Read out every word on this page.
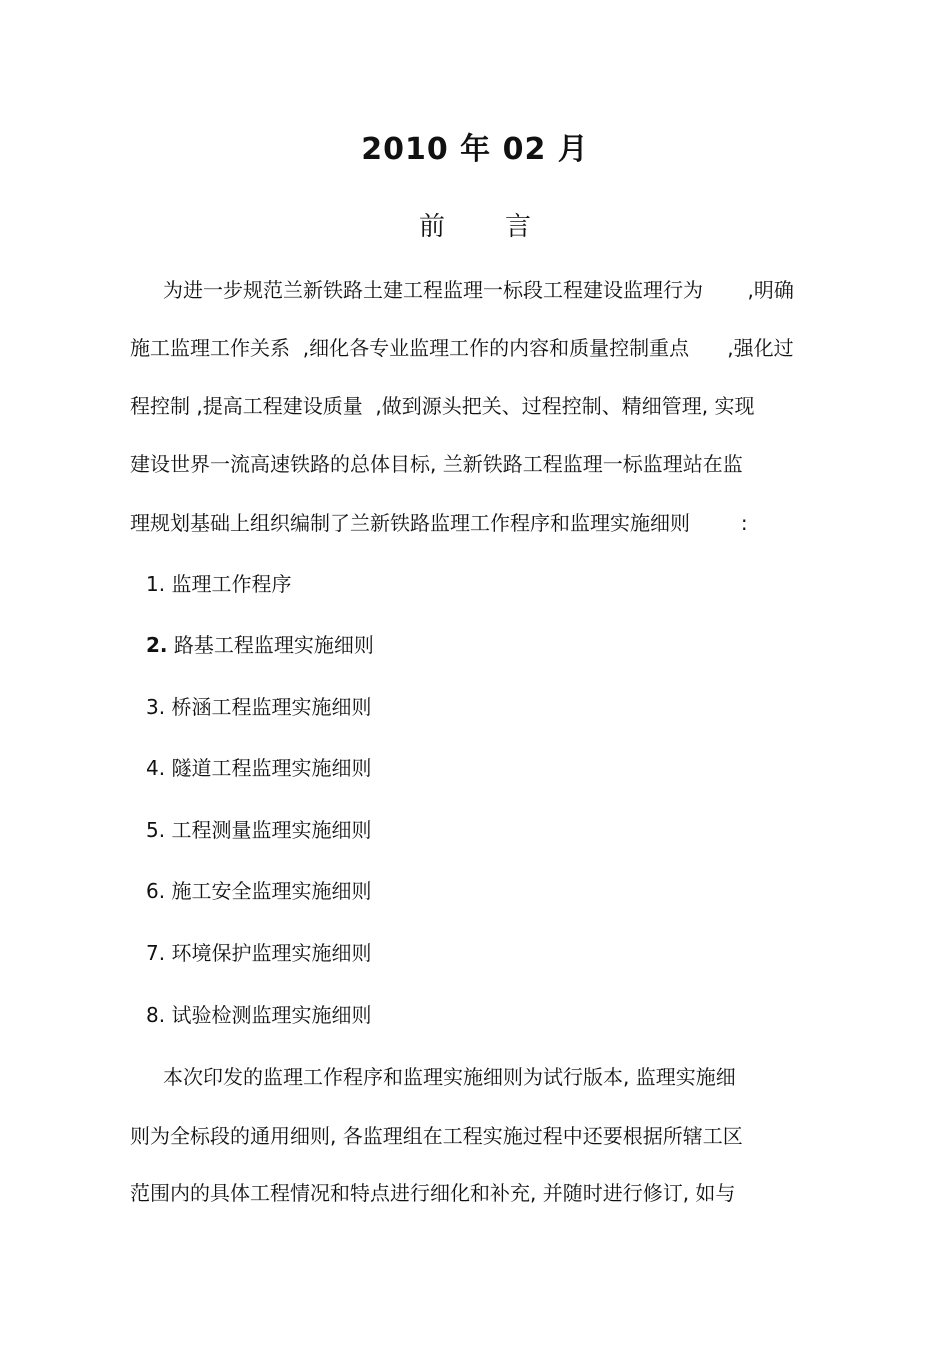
2010 年 02 月
前言
为进一步规范兰新铁路土建工程监理一标段工程建设监理行为       ,明确
施工监理工作关系  ,细化各专业监理工作的内容和质量控制重点      ,强化过
程控制 ,提高工程建设质量  ,做到源头把关、过程控制、精细管理, 实现
建设世界一流高速铁路的总体目标, 兰新铁路工程监理一标监理站在监
理规划基础上组织编制了兰新铁路监理工作程序和监理实施细则        :
1. 监理工作程序
2. 路基工程监理实施细则
3. 桥涵工程监理实施细则
4. 隧道工程监理实施细则
5. 工程测量监理实施细则
6. 施工安全监理实施细则
7. 环境保护监理实施细则
8. 试验检测监理实施细则
本次印发的监理工作程序和监理实施细则为试行版本, 监理实施细
则为全标段的通用细则, 各监理组在工程实施过程中还要根据所辖工区
范围内的具体工程情况和特点进行细化和补充, 并随时进行修订, 如与
